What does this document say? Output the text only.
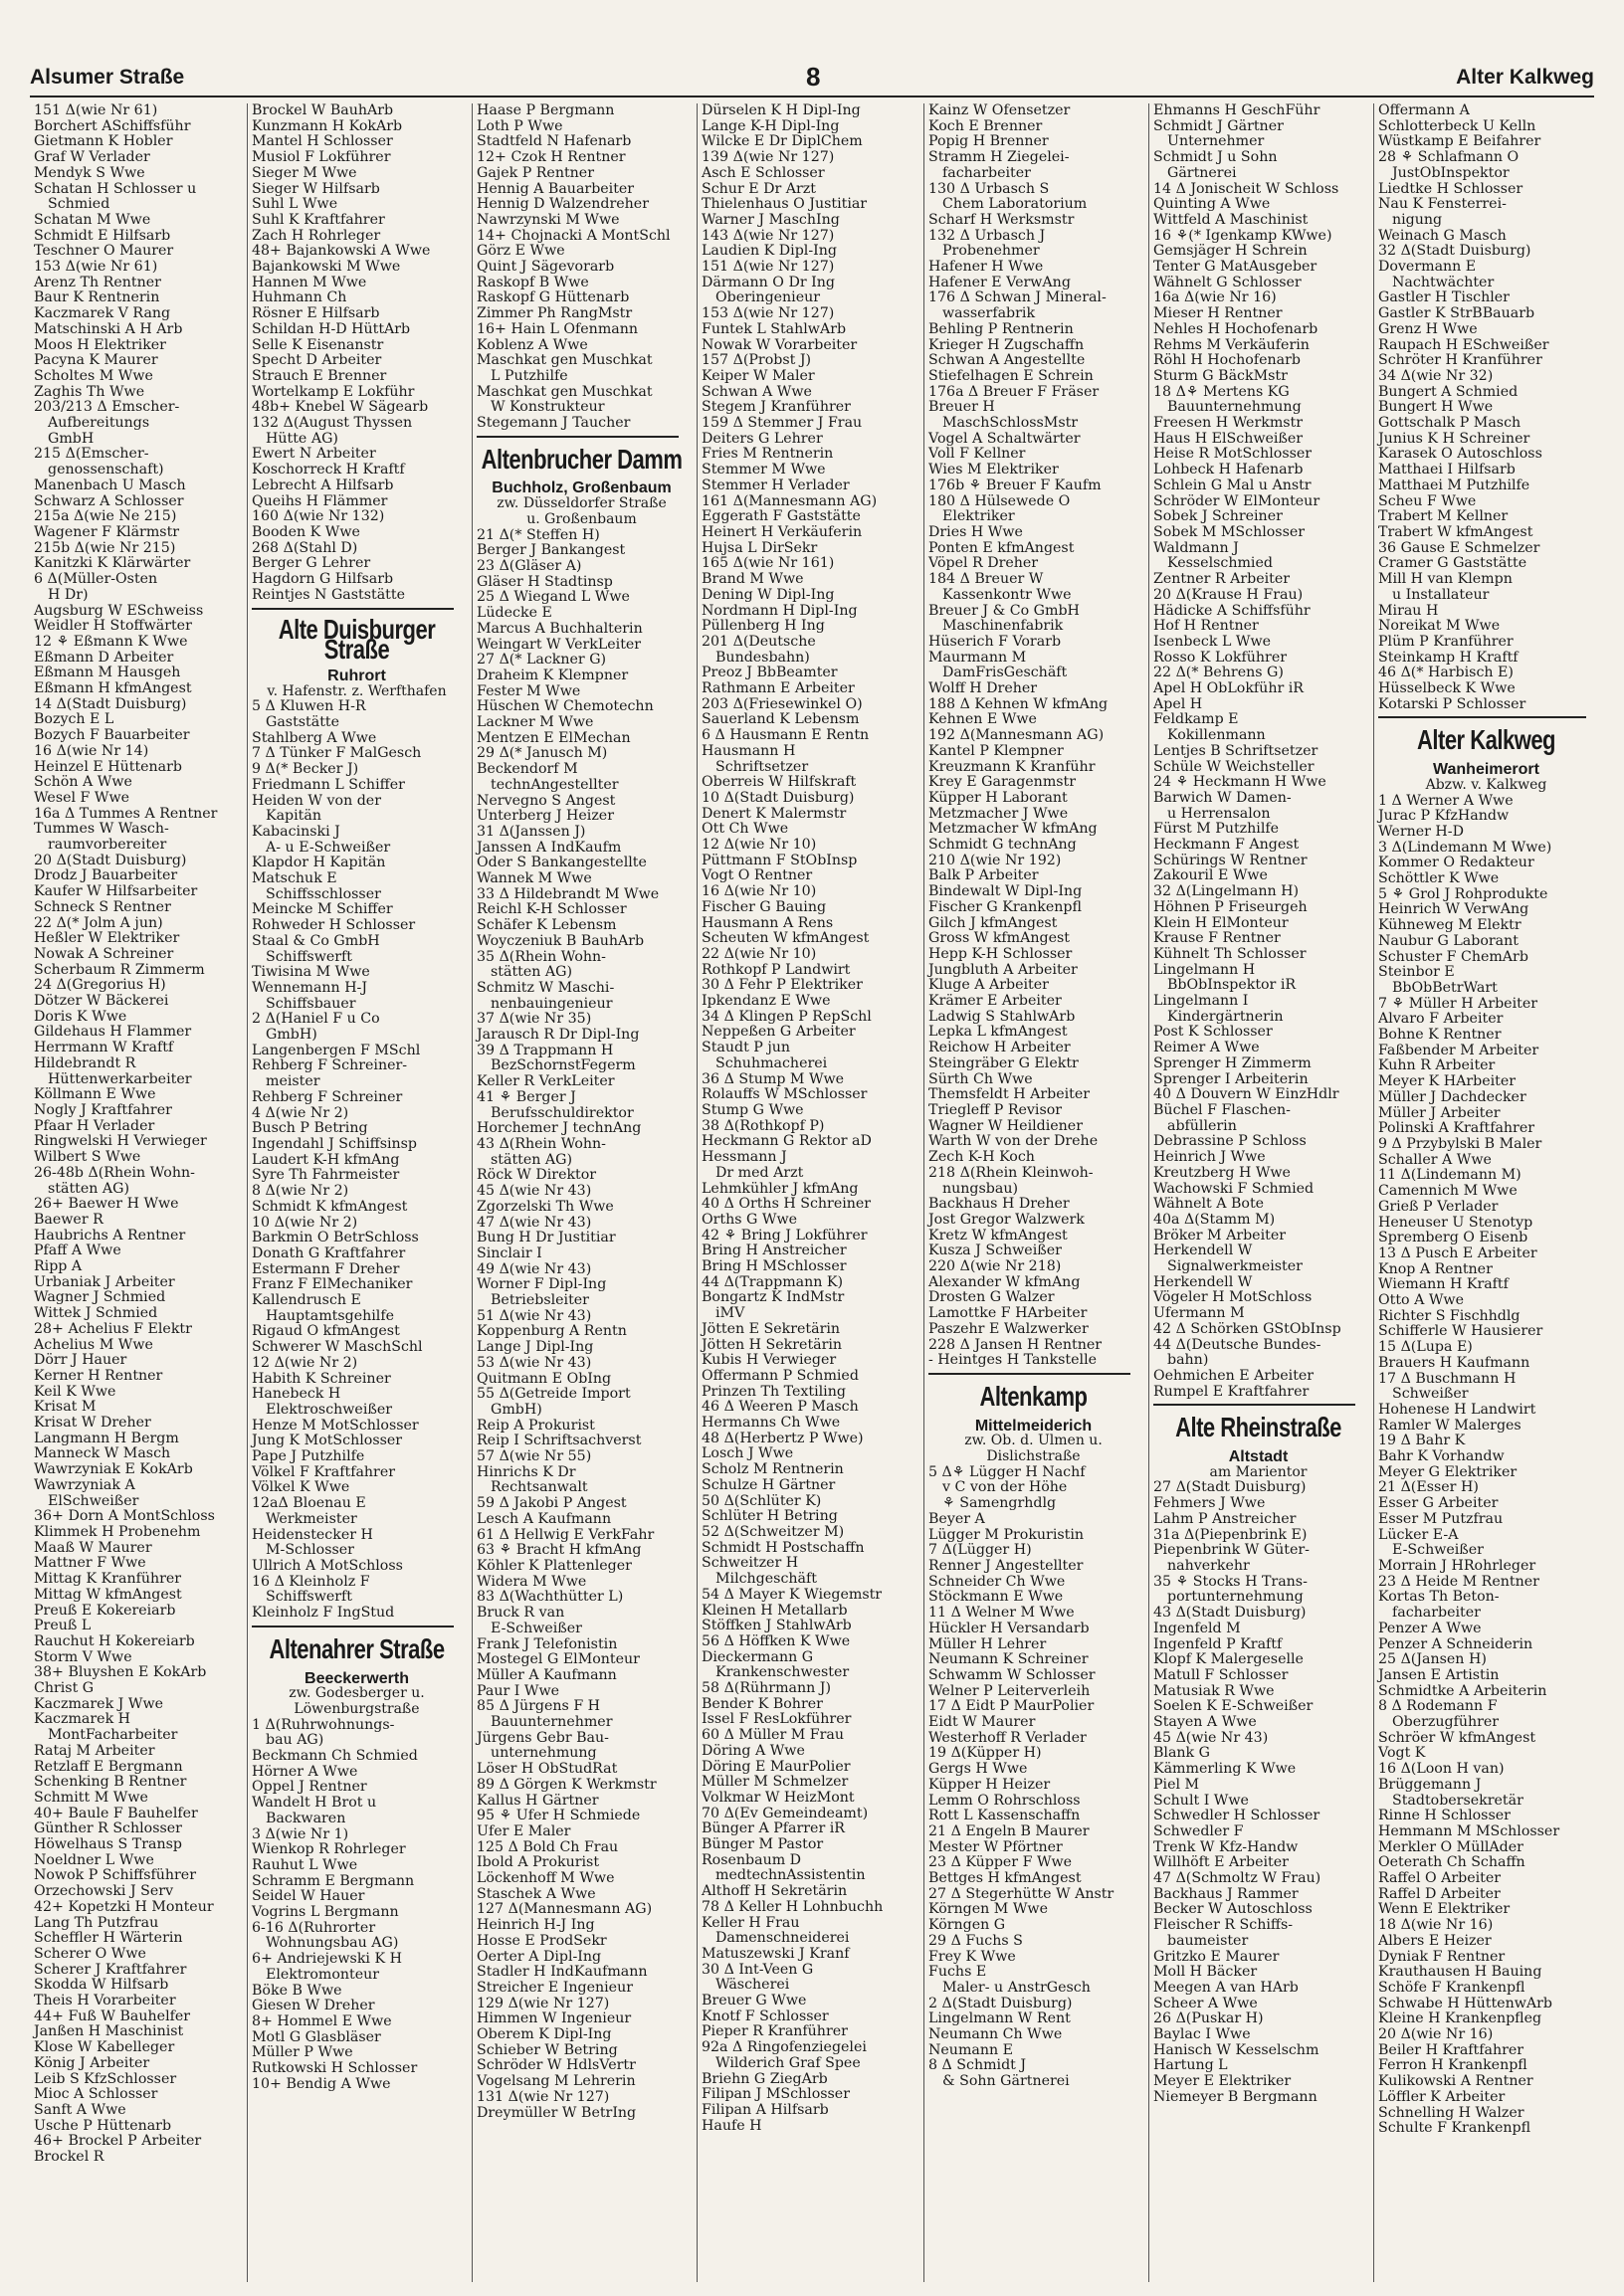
Alsumer Straße	8	Alter Kalkweg
151 Δ(wie Nr 61)
Borchert ASchiffsführ
Gietmann K Hobler
Graf W Verlader
Mendyk S Wwe
Schatan H Schlosser u
Schmied
Schatan M Wwe
Schmidt E Hilfsarb
Teschner O Maurer
153 Δ(wie Nr 61)
Arenz Th Rentner
Baur K Rentnerin
Kaczmarek V Rang
Matschinski A H Arb
Moos H Elektriker
Pacyna K Maurer
Scholtes M Wwe
Zaghis Th Wwe
203/213 Δ Emscher-
Aufbereitungs
GmbH
215 Δ(Emscher-
genossenschaft)
Manenbach U Masch
Schwarz A Schlosser
215a Δ(wie Ne 215)
Wagener F Klärmstr
215b Δ(wie Nr 215)
Kanitzki K Klärwärter
6 Δ(Müller-Osten
H Dr)
Augsburg W ESchweiss
Weidler H Stoffwärter
12 ⚘ Eßmann K Wwe
Eßmann D Arbeiter
Eßmann M Hausgeh
Eßmann H kfmAngest
14 Δ(Stadt Duisburg)
Bozych E L
Bozych F Bauarbeiter
16 Δ(wie Nr 14)
Heinzel E Hüttenarb
Schön A Wwe
Wesel F Wwe
16a Δ Tummes A Rentner
Tummes W Wasch-
raumvorbereiter
20 Δ(Stadt Duisburg)
Drodz J Bauarbeiter
Kaufer W Hilfsarbeiter
Schneck S Rentner
22 Δ(* Jolm A jun)
Heßler W Elektriker
Nowak A Schreiner
Scherbaum R Zimmerm
24 Δ(Gregorius H)
Dötzer W Bäckerei
Doris K Wwe
Gildehaus H Flammer
Herrmann W Kraftf
Hildebrandt R
Hüttenwerkarbeiter
Köllmann E Wwe
Nogly J Kraftfahrer
Pfaar H Verlader
Ringwelski H Verwieger
Wilbert S Wwe
26-48b Δ(Rhein Wohn-
stätten AG)
26+ Baewer H Wwe
Baewer R
Haubrichs A Rentner
Pfaff A Wwe
Ripp A
Urbaniak J Arbeiter
Wagner J Schmied
Wittek J Schmied
28+ Achelius F Elektr
Achelius M Wwe
Dörr J Hauer
Kerner H Rentner
Keil K Wwe
Krisat M
Krisat W Dreher
Langmann H Bergm
Manneck W Masch
Wawrzyniak E KokArb
Wawrzyniak A
ElSchweißer
36+ Dorn A MontSchloss
Klimmek H Probenehm
Maaß W Maurer
Mattner F Wwe
Mittag K Kranführer
Mittag W kfmAngest
Preuß E Kokereiarb
Preuß L
Rauchut H Kokereiarb
Storm V Wwe
38+ Bluyshen E KokArb
Christ G
Kaczmarek J Wwe
Kaczmarek H
MontFacharbeiter
Rataj M Arbeiter
Retzlaff E Bergmann
Schenking B Rentner
Schmitt M Wwe
40+ Baule F Bauhelfer
Günther R Schlosser
Höwelhaus S Transp
Noeldner L Wwe
Nowok P Schiffsführer
Orzechowski J Serv
42+ Kopetzki H Monteur
Lang Th Putzfrau
Scheffler H Wärterin
Scherer O Wwe
Scherer J Kraftfahrer
Skodda W Hilfsarb
Theis H Vorarbeiter
44+ Fuß W Bauhelfer
Janßen H Maschinist
Klose W Kabelleger
König J Arbeiter
Leib S KfzSchlosser
Mioc A Schlosser
Sanft A Wwe
Usche P Hüttenarb
46+ Brockel P Arbeiter
Brockel R
Brockel W BauhArb
Kunzmann H KokArb
Mantel H Schlosser
Musiol F Lokführer
Sieger M Wwe
Sieger W Hilfsarb
Suhl L Wwe
Suhl K Kraftfahrer
Zach H Rohrleger
48+ Bajankowski A Wwe
Bajankowski M Wwe
Hannen M Wwe
Huhmann Ch
Rösner E Hilfsarb
Schildan H-D HüttArb
Selle K Eisenanstr
Specht D Arbeiter
Strauch E Brenner
Wortelkamp E Lokführ
48b+ Knebel W Sägearb
132 Δ(August Thyssen
Hütte AG)
Ewert N Arbeiter
Koschorreck H Kraftf
Lebrecht A Hilfsarb
Queihs H Flämmer
160 Δ(wie Nr 132)
Booden K Wwe
268 Δ(Stahl D)
Berger G Lehrer
Hagdorn G Hilfsarb
Reintjes N Gaststätte
Alte Duisburger Straße
Ruhrort
v. Hafenstr. z. Werfthafen
5 Δ Kluwen H-R
Gaststätte
Stahlberg A Wwe
7 Δ Tünker F MalGesch
9 Δ(* Becker J)
Friedmann L Schiffer
Heiden W von der
Kapitän
Kabacinski J
A- u E-Schweißer
Klapdor H Kapitän
Matschuk E
Schiffsschlosser
Meincke M Schiffer
Rohweder H Schlosser
Staal & Co GmbH
Schiffswerft
Tiwisina M Wwe
Wennemann H-J
Schiffsbauer
2 Δ(Haniel F u Co
GmbH)
Langenbergen F MSchl
Rehberg F Schreiner-
meister
Rehberg F Schreiner
4 Δ(wie Nr 2)
Busch P Betring
Ingendahl J Schiffsinsp
Laudert K-H kfmAng
Syre Th Fahrmeister
8 Δ(wie Nr 2)
Schmidt K kfmAngest
10 Δ(wie Nr 2)
Barkmin O BetrSchloss
Donath G Kraftfahrer
Estermann F Dreher
Franz F ElMechaniker
Kallendrusch E
Hauptamtsgehilfe
Rigaud O kfmAngest
Schwerer W MaschSchl
12 Δ(wie Nr 2)
Habith K Schreiner
Hanebeck H
Elektroschweißer
Henze M MotSchlosser
Jung K MotSchlosser
Pape J Putzhilfe
Völkel F Kraftfahrer
Völkel K Wwe
12aΔ Bloenau E
Werkmeister
Heidenstecker H
M-Schlosser
Ullrich A MotSchloss
16 Δ Kleinholz F
Schiffswerft
Kleinholz F IngStud
Altenahrer Straße
Beeckerwerth
zw. Godesberger u.
Löwenburgstraße
1 Δ(Ruhrwohnungs-
bau AG)
Beckmann Ch Schmied
Hörner A Wwe
Oppel J Rentner
Wandelt H Brot u
Backwaren
3 Δ(wie Nr 1)
Wienkop R Rohrleger
Rauhut L Wwe
Schramm E Bergmann
Seidel W Hauer
Vogrins L Bergmann
6-16 Δ(Ruhrorter
Wohnungsbau AG)
6+ Andriejewski K H
Elektromonteur
Böke B Wwe
Giesen W Dreher
8+ Hommel E Wwe
Motl G Glasbläser
Müller P Wwe
Rutkowski H Schlosser
10+ Bendig A Wwe
Haase P Bergmann
Loth P Wwe
Stadtfeld N Hafenarb
12+ Czok H Rentner
Gajek P Rentner
Hennig A Bauarbeiter
Hennig D Walzendreher
Nawrzynski M Wwe
14+ Chojnacki A MontSchl
Görz E Wwe
Quint J Sägevorarb
Raskopf B Wwe
Raskopf G Hüttenarb
Zimmer Ph RangMstr
16+ Hain L Ofenmann
Koblenz A Wwe
Maschkat gen Muschkat
L Putzhilfe
Maschkat gen Muschkat
W Konstrukteur
Stegemann J Taucher
Altenbrucher Damm
Buchholz, Großenbaum
zw. Düsseldorfer Straße
u. Großenbaum
21 Δ(* Steffen H)
Berger J Bankangest
23 Δ(Gläser A)
Gläser H Stadtinsp
25 Δ Wiegand L Wwe
Lüdecke E
Marcus A Buchhalterin
Weingart W VerkLeiter
27 Δ(* Lackner G)
Draheim K Klempner
Fester M Wwe
Hüschen W Chemotechn
Lackner M Wwe
Mentzen E ElMechan
29 Δ(* Janusch M)
Beckendorf M
technAngestellter
Nervegno S Angest
Unterberg J Heizer
31 Δ(Janssen J)
Janssen A IndKaufm
Oder S Bankangestellte
Wannek M Wwe
33 Δ Hildebrandt M Wwe
Reichl K-H Schlosser
Schäfer K Lebensm
Woyczeniuk B BauhArb
35 Δ(Rhein Wohn-
stätten AG)
Schmitz W Maschi-
nenbauingenieur
37 Δ(wie Nr 35)
Jarausch R Dr Dipl-Ing
39 Δ Trappmann H
BezSchornstFegerm
Keller R VerkLeiter
41 ⚘ Berger J
Berufsschuldirektor
Horchemer J technAng
43 Δ(Rhein Wohn-
stätten AG)
Röck W Direktor
45 Δ(wie Nr 43)
Zgorzelski Th Wwe
47 Δ(wie Nr 43)
Bung H Dr Justitiar
Sinclair I
49 Δ(wie Nr 43)
Worner F Dipl-Ing
Betriebsleiter
51 Δ(wie Nr 43)
Koppenburg A Rentn
Lange J Dipl-Ing
53 Δ(wie Nr 43)
Quitmann E ObIng
55 Δ(Getreide Import
GmbH)
Reip A Prokurist
Reip I Schriftsachverst
57 Δ(wie Nr 55)
Hinrichs K Dr
Rechtsanwalt
59 Δ Jakobi P Angest
Lesch A Kaufmann
61 Δ Hellwig E VerkFahr
63 ⚘ Bracht H kfmAng
Köhler K Plattenleger
Widera M Wwe
83 Δ(Wachthütter L)
Bruck R van
E-Schweißer
Frank J Telefonistin
Mostegel G ElMonteur
Müller A Kaufmann
Paur I Wwe
85 Δ Jürgens F H
Bauunternehmer
Jürgens Gebr Bau-
unternehmung
Löser H ObStudRat
89 Δ Görgen K Werkmstr
Kallus H Gärtner
95 ⚘ Ufer H Schmiede
Ufer E Maler
125 Δ Bold Ch Frau
Ibold A Prokurist
Löckenhoff M Wwe
Staschek A Wwe
127 Δ(Mannesmann AG)
Heinrich H-J Ing
Hosse E ProdSekr
Oerter A Dipl-Ing
Stadler H IndKaufmann
Streicher E Ingenieur
129 Δ(wie Nr 127)
Himmen W Ingenieur
Oberem K Dipl-Ing
Schieber W Betring
Schröder W HdlsVertr
Vogelsang M Lehrerin
131 Δ(wie Nr 127)
Dreymüller W BetrIng
Dürselen K H Dipl-Ing
Lange K-H Dipl-Ing
Wilcke E Dr DiplChem
139 Δ(wie Nr 127)
Asch E Schlosser
Schur E Dr Arzt
Thielenhaus O Justitiar
Warner J MaschIng
143 Δ(wie Nr 127)
Laudien K Dipl-Ing
151 Δ(wie Nr 127)
Därmann O Dr Ing
Oberingenieur
153 Δ(wie Nr 127)
Funtek L StahlwArb
Nowak W Vorarbeiter
157 Δ(Probst J)
Keiper W Maler
Schwan A Wwe
Stegem J Kranführer
159 Δ Stemmer J Frau
Deiters G Lehrer
Fries M Rentnerin
Stemmer M Wwe
Stemmer H Verlader
161 Δ(Mannesmann AG)
Eggerath F Gaststätte
Heinert H Verkäuferin
Hujsa L DirSekr
165 Δ(wie Nr 161)
Brand M Wwe
Dening W Dipl-Ing
Nordmann H Dipl-Ing
Püllenberg H Ing
201 Δ(Deutsche
Bundesbahn)
Preoz J BbBeamter
Rathmann E Arbeiter
203 Δ(Friesewinkel O)
Sauerland K Lebensm
6 Δ Hausmann E Rentn
Hausmann H
Schriftsetzer
Oberreis W Hilfskraft
10 Δ(Stadt Duisburg)
Denert K Malermstr
Ott Ch Wwe
12 Δ(wie Nr 10)
Püttmann F StObInsp
Vogt O Rentner
16 Δ(wie Nr 10)
Fischer G Bauing
Hausmann A Rens
Scheuten W kfmAngest
22 Δ(wie Nr 10)
Rothkopf P Landwirt
30 Δ Fehr P Elektriker
Ipkendanz E Wwe
34 Δ Klingen P RepSchl
Neppeßen G Arbeiter
Staudt P jun
Schuhmacherei
36 Δ Stump M Wwe
Rolauffs W MSchlosser
Stump G Wwe
38 Δ(Rothkopf P)
Heckmann G Rektor aD
Hessmann J
Dr med Arzt
Lehmkühler J kfmAng
40 Δ Orths H Schreiner
Orths G Wwe
42 ⚘ Bring J Lokführer
Bring H Anstreicher
Bring H MSchlosser
44 Δ(Trappmann K)
Bongartz K IndMstr
iMV
Jötten E Sekretärin
Jötten H Sekretärin
Kubis H Verwieger
Offermann P Schmied
Prinzen Th Textiling
46 Δ Weeren P Masch
Hermanns Ch Wwe
48 Δ(Herbertz P Wwe)
Losch J Wwe
Scholz M Rentnerin
Schulze H Gärtner
50 Δ(Schlüter K)
Schlüter H Betring
52 Δ(Schweitzer M)
Schmidt H Postschaffn
Schweitzer H
Milchgeschäft
54 Δ Mayer K Wiegemstr
Kleinen H Metallarb
Stöffken J StahlwArb
56 Δ Höffken K Wwe
Dieckermann G
Krankenschwester
58 Δ(Rührmann J)
Bender K Bohrer
Issel F ResLokführer
60 Δ Müller M Frau
Döring A Wwe
Döring E MaurPolier
Müller M Schmelzer
Volkmar W HeizMont
70 Δ(Ev Gemeindeamt)
Bünger A Pfarrer iR
Bünger M Pastor
Rosenbaum D
medtechnAssistentin
Althoff H Sekretärin
78 Δ Keller H Lohnbuchh
Keller H Frau
Damenschneiderei
Matuszewski J Kranf
30 Δ Int-Veen G
Wäscherei
Breuer G Wwe
Knotf F Schlosser
Pieper R Kranführer
92a Δ Ringofenziegelei
Wilderich Graf Spee
Briehn G ZiegArb
Filipan J MSchlosser
Filipan A Hilfsarb
Haufe H
Kainz W Ofensetzer
Koch E Brenner
Popig H Brenner
Stramm H Ziegelei-
facharbeiter
130 Δ Urbasch S
Chem Laboratorium
Scharf H Werksmstr
132 Δ Urbasch J
Probenehmer
Hafener H Wwe
Hafener E VerwAng
176 Δ Schwan J Mineral-
wasserfabrik
Behling P Rentnerin
Krieger H Zugschaffn
Schwan A Angestellte
Stiefelhagen E Schrein
176a Δ Breuer F Fräser
Breuer H
MaschSchlossMstr
Vogel A Schaltwärter
Voll F Kellner
Wies M Elektriker
176b ⚘ Breuer F Kaufm
180 Δ Hülsewede O
Elektriker
Dries H Wwe
Ponten E kfmAngest
Vöpel R Dreher
184 Δ Breuer W
Kassenkontr Wwe
Breuer J & Co GmbH
Maschinenfabrik
Hüserich F Vorarb
Maurmann M
DamFrisGeschäft
Wolff H Dreher
188 Δ Kehnen W kfmAng
Kehnen E Wwe
192 Δ(Mannesmann AG)
Kantel P Klempner
Kreuzmann K Kranführ
Krey E Garagenmstr
Küpper H Laborant
Metzmacher J Wwe
Metzmacher W kfmAng
Schmidt G technAng
210 Δ(wie Nr 192)
Balk P Arbeiter
Bindewalt W Dipl-Ing
Fischer G Krankenpfl
Gilch J kfmAngest
Gross W kfmAngest
Hepp K-H Schlosser
Jungbluth A Arbeiter
Kluge A Arbeiter
Krämer E Arbeiter
Ladwig S StahlwArb
Lepka L kfmAngest
Reichow H Arbeiter
Steingräber G Elektr
Sürth Ch Wwe
Themsfeldt H Arbeiter
Triegleff P Revisor
Wagner W Heildiener
Warth W von der Drehe
Zech K-H Koch
218 Δ(Rhein Kleinwoh-
nungsbau)
Backhaus H Dreher
Jost Gregor Walzwerk
Kretz W kfmAngest
Kusza J Schweißer
220 Δ(wie Nr 218)
Alexander W kfmAng
Drosten G Walzer
Lamottke F HArbeiter
Paszehr E Walzwerker
228 Δ Jansen H Rentner
- Heintges H Tankstelle
Altenkamp
Mittelmeiderich
zw. Ob. d. Ulmen u.
Dislichstraße
5 Δ⚘ Lügger H Nachf
v C von der Höhe
⚘ Samengrhdlg
Beyer A
Lügger M Prokuristin
7 Δ(Lügger H)
Renner J Angestellter
Schneider Ch Wwe
Stöckmann E Wwe
11 Δ Welner M Wwe
Hückler H Versandarb
Müller H Lehrer
Neumann K Schreiner
Schwamm W Schlosser
Welner P Leiterverleih
17 Δ Eidt P MaurPolier
Eidt W Maurer
Westerhoff R Verlader
19 Δ(Küpper H)
Gergs H Wwe
Küpper H Heizer
Lemm O Rohrschloss
Rott L Kassenschaffn
21 Δ Engeln B Maurer
Mester W Pförtner
23 Δ Küpper F Wwe
Bettges H kfmAngest
27 Δ Stegerhütte W Anstr
Körngen M Wwe
Körngen G
29 Δ Fuchs S
Frey K Wwe
Fuchs E
Maler- u AnstrGesch
2 Δ(Stadt Duisburg)
Lingelmann W Rent
Neumann Ch Wwe
Neumann E
8 Δ Schmidt J
& Sohn Gärtnerei
Ehmanns H GeschFühr
Schmidt J Gärtner
Unternehmer
Schmidt J u Sohn
Gärtnerei
14 Δ Jonischeit W Schloss
Quinting A Wwe
Wittfeld A Maschinist
16 ⚘(* Igenkamp KWwe)
Gemsjäger H Schrein
Tenter G MatAusgeber
Wähnelt G Schlosser
16a Δ(wie Nr 16)
Mieser H Rentner
Nehles H Hochofenarb
Rehms M Verkäuferin
Röhl H Hochofenarb
Sturm G BäckMstr
18 Δ⚘ Mertens KG
Bauunternehmung
Freesen H Werkmstr
Haus H ElSchweißer
Heise R MotSchlosser
Lohbeck H Hafenarb
Schlein G Mal u Anstr
Schröder W ElMonteur
Sobek J Schreiner
Sobek M MSchlosser
Waldmann J
Kesselschmied
Zentner R Arbeiter
20 Δ(Krause H Frau)
Hädicke A Schiffsführ
Hof H Rentner
Isenbeck L Wwe
Rosso K Lokführer
22 Δ(* Behrens G)
Apel H ObLokführ iR
Apel H
Feldkamp E
Kokillenmann
Lentjes B Schriftsetzer
Schüle W Weichsteller
24 ⚘ Heckmann H Wwe
Barwich W Damen-
u Herrensalon
Fürst M Putzhilfe
Heckmann F Angest
Schürings W Rentner
Zakouril E Wwe
32 Δ(Lingelmann H)
Höhnen P Friseurgeh
Klein H ElMonteur
Krause F Rentner
Kühnelt Th Schlosser
Lingelmann H
BbObInspektor iR
Lingelmann I
Kindergärtnerin
Post K Schlosser
Reimer A Wwe
Sprenger H Zimmerm
Sprenger I Arbeiterin
40 Δ Douvern W EinzHdlr
Büchel F Flaschen-
abfüllerin
Debrassine P Schloss
Heinrich J Wwe
Kreutzberg H Wwe
Wachowski F Schmied
Wähnelt A Bote
40a Δ(Stamm M)
Bröker M Arbeiter
Herkendell W
Signalwerkmeister
Herkendell W
Vögeler H MotSchloss
Ufermann M
42 Δ Schörken GStObInsp
44 Δ(Deutsche Bundes-
bahn)
Oehmichen E Arbeiter
Rumpel E Kraftfahrer
Alte Rheinstraße
Altstadt
am Marientor
27 Δ(Stadt Duisburg)
Fehmers J Wwe
Lahm P Anstreicher
31a Δ(Piepenbrink E)
Piepenbrink W Güter-
nahverkehr
35 ⚘ Stocks H Trans-
portunternehmung
43 Δ(Stadt Duisburg)
Ingenfeld M
Ingenfeld P Kraftf
Klopf K Malergeselle
Matull F Schlosser
Matusiak R Wwe
Soelen K E-Schweißer
Stayen A Wwe
45 Δ(wie Nr 43)
Blank G
Kämmerling K Wwe
Piel M
Schult I Wwe
Schwedler H Schlosser
Schwedler F
Trenk W Kfz-Handw
Willhöft E Arbeiter
47 Δ(Schmoltz W Frau)
Backhaus J Rammer
Becker W Autoschloss
Fleischer R Schiffs-
baumeister
Gritzko E Maurer
Moll H Bäcker
Meegen A van HArb
Scheer A Wwe
26 Δ(Puskar H)
Baylac I Wwe
Hanisch W Kesselschm
Hartung L
Meyer E Elektriker
Niemeyer B Bergmann
Offermann A
Schlotterbeck U Kelln
Wüstkamp E Beifahrer
28 ⚘ Schlafmann O
JustObInspektor
Liedtke H Schlosser
Nau K Fensterrei-
nigung
Weinach G Masch
32 Δ(Stadt Duisburg)
Dovermann E
Nachtwächter
Gastler H Tischler
Gastler K StrBBauarb
Grenz H Wwe
Raupach H ESchweißer
Schröter H Kranführer
34 Δ(wie Nr 32)
Bungert A Schmied
Bungert H Wwe
Gottschalk P Masch
Junius K H Schreiner
Karasek O Autoschloss
Matthaei I Hilfsarb
Matthaei M Putzhilfe
Scheu F Wwe
Trabert M Kellner
Trabert W kfmAngest
36 Gause E Schmelzer
Cramer G Gaststätte
Mill H van Klempn
u Installateur
Mirau H
Noreikat M Wwe
Plüm P Kranführer
Steinkamp H Kraftf
46 Δ(* Harbisch E)
Hüsselbeck K Wwe
Kotarski P Schlosser
Alter Kalkweg
Wanheimerort
Abzw. v. Kalkweg
1 Δ Werner A Wwe
Jurac P KfzHandw
Werner H-D
3 Δ(Lindemann M Wwe)
Kommer O Redakteur
Schöttler K Wwe
5 ⚘ Grol J Rohprodukte
Heinrich W VerwAng
Kühneweg M Elektr
Naubur G Laborant
Schuster F ChemArb
Steinbor E
BbObBetrWart
7 ⚘ Müller H Arbeiter
Alvaro F Arbeiter
Bohne K Rentner
Faßbender M Arbeiter
Kuhn R Arbeiter
Meyer K HArbeiter
Müller J Dachdecker
Müller J Arbeiter
Polinski A Kraftfahrer
9 Δ Przybylski B Maler
Schaller A Wwe
11 Δ(Lindemann M)
Camennich M Wwe
Grieß P Verlader
Heneuser U Stenotyp
Spremberg O Eisenb
13 Δ Pusch E Arbeiter
Knop A Rentner
Wiemann H Kraftf
Otto A Wwe
Richter S Fischhdlg
Schifferle W Hausierer
15 Δ(Lupa E)
Brauers H Kaufmann
17 Δ Buschmann H
Schweißer
Hohenese H Landwirt
Ramler W Malerges
19 Δ Bahr K
Bahr K Vorhandw
Meyer G Elektriker
21 Δ(Esser H)
Esser G Arbeiter
Esser M Putzfrau
Lücker E-A
E-Schweißer
Morrain J HRohrleger
23 Δ Heide M Rentner
Kortas Th Beton-
facharbeiter
Penzer A Wwe
Penzer A Schneiderin
25 Δ(Jansen H)
Jansen E Artistin
Schmidtke A Arbeiterin
8 Δ Rodemann F
Oberzugführer
Schröer W kfmAngest
Vogt K
16 Δ(Loon H van)
Brüggemann J
Stadtobersekretär
Rinne H Schlosser
Hemmann M MSchlosser
Merkler O MüllAder
Oeterath Ch Schaffn
Raffel O Arbeiter
Raffel D Arbeiter
Wenn E Elektriker
18 Δ(wie Nr 16)
Albers E Heizer
Dyniak F Rentner
Krauthausen H Bauing
Schöfe F Krankenpfl
Schwabe H HüttenwArb
Kleine H Krankenpfleg
20 Δ(wie Nr 16)
Beiler H Kraftfahrer
Ferron H Krankenpfl
Kulikowski A Rentner
Löffler K Arbeiter
Schnelling H Walzer
Schulte F Krankenpfl
